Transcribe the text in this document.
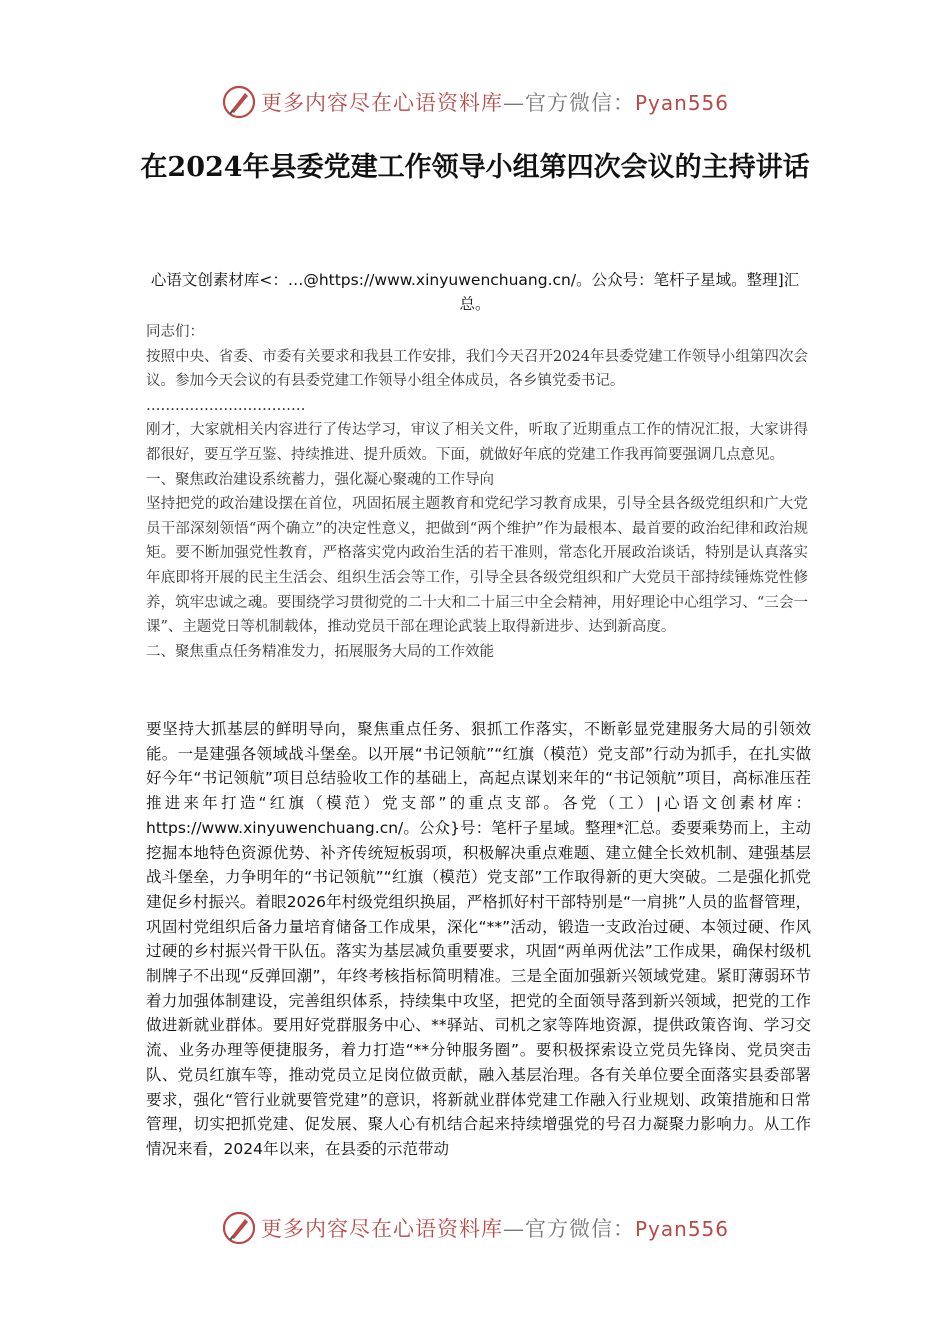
更多内容尽在心语资料库—官方微信：Pyan556
在2024年县委党建工作领导小组第四次会议的主持讲话
心语文创素材库<：…@https://www.xinyuwenchuang.cn/。公众号：笔杆子星域。整理]汇总。

同志们：

按照中央、省委、市委有关要求和我县工作安排，我们今天召开2024年县委党建工作领导小组第四次会议。参加今天会议的有县委党建工作领导小组全体成员，各乡镇党委书记。

……………………………

刚才，大家就相关内容进行了传达学习，审议了相关文件，听取了近期重点工作的情况汇报，大家讲得都很好，要互学互鉴、持续推进、提升质效。下面，就做好年底的党建工作我再简要强调几点意见。

一、聚焦政治建设系统蓄力，强化凝心聚魂的工作导向

坚持把党的政治建设摆在首位，巩固拓展主题教育和党纪学习教育成果，引导全县各级党组织和广大党员干部深刻领悟“两个确立”的决定性意义，把做到“两个维护”作为最根本、最首要的政治纪律和政治规矩。要不断加强党性教育，严格落实党内政治生活的若干准则，常态化开展政治谈话，特别是认真落实年底即将开展的民主生活会、组织生活会等工作，引导全县各级党组织和广大党员干部持续锤炼党性修养，筑牢忠诚之魂。要围绕学习贯彻党的二十大和二十届三中全会精神，用好理论中心组学习、“三会一课”、主题党日等机制载体，推动党员干部在理论武装上取得新进步、达到新高度。

二、聚焦重点任务精准发力，拓展服务大局的工作效能

要坚持大抓基层的鲜明导向，聚焦重点任务、狠抓工作落实，不断彰显党建服务大局的引领效能。一是建强各领域战斗堡垒。以开展“书记领航”“红旗（模范）党支部”行动为抓手，在扎实做好今年“书记领航”项目总结验收工作的基础上，高起点谋划来年的“书记领航”项目，高标准压茬推进来年打造“红旗（模范）党支部”的重点支部。各党（工）|心语文创素材库：https://www.xinyuwenchuang.cn/。公众}号：笔杆子星域。整理*汇总。委要乘势而上，主动挖掘本地特色资源优势、补齐传统短板弱项，积极解决重点难题、建立健全长效机制、建强基层战斗堡垒，力争明年的“书记领航”“红旗（模范）党支部”工作取得新的更大突破。二是强化抓党建促乡村振兴。着眼2026年村级党组织换届，严格抓好村干部特别是“一肩挑”人员的监督管理，巩固村党组织后备力量培育储备工作成果，深化“**”活动，锻造一支政治过硬、本领过硬、作风过硬的乡村振兴骨干队伍。落实为基层减负重要要求，巩固“两单两优法”工作成果，确保村级机制牌子不出现“反弹回潮”，年终考核指标简明精准。三是全面加强新兴领域党建。紧盯薄弱环节着力加强体制建设，完善组织体系，持续集中攻坚，把党的全面领导落到新兴领域，把党的工作做进新就业群体。要用好党群服务中心、**驿站、司机之家等阵地资源，提供政策咨询、学习交流、业务办理等便捷服务，着力打造“**分钟服务圈”。要积极探索设立党员先锋岗、党员突击队、党员红旗车等，推动党员立足岗位做贡献，融入基层治理。各有关单位要全面落实县委部署要求，强化“管行业就要管党建”的意识，将新就业群体党建工作融入行业规划、政策措施和日常管理，切实把抓党建、促发展、聚人心有机结合起来持续增强党的号召力凝聚力影响力。从工作情况来看，2024年以来，在县委的示范带动

更多内容尽在心语资料库—官方微信：Pyan556
